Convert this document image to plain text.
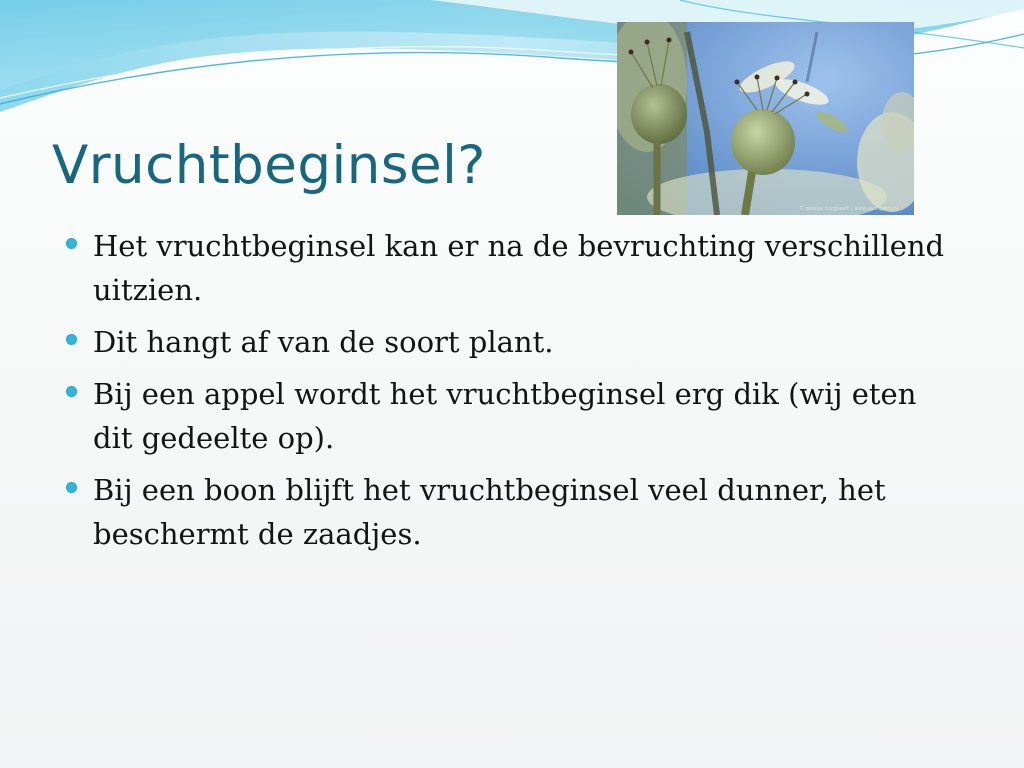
© george burgpaaft | www.georgetm.nl
Vruchtbeginsel?
Het vruchtbeginsel kan er na de bevruchting verschillend uitzien.
Dit hangt af van de soort plant.
Bij een appel wordt het vruchtbeginsel erg dik (wij eten dit gedeelte op).
Bij een boon blijft het vruchtbeginsel veel dunner, het beschermt de zaadjes.
